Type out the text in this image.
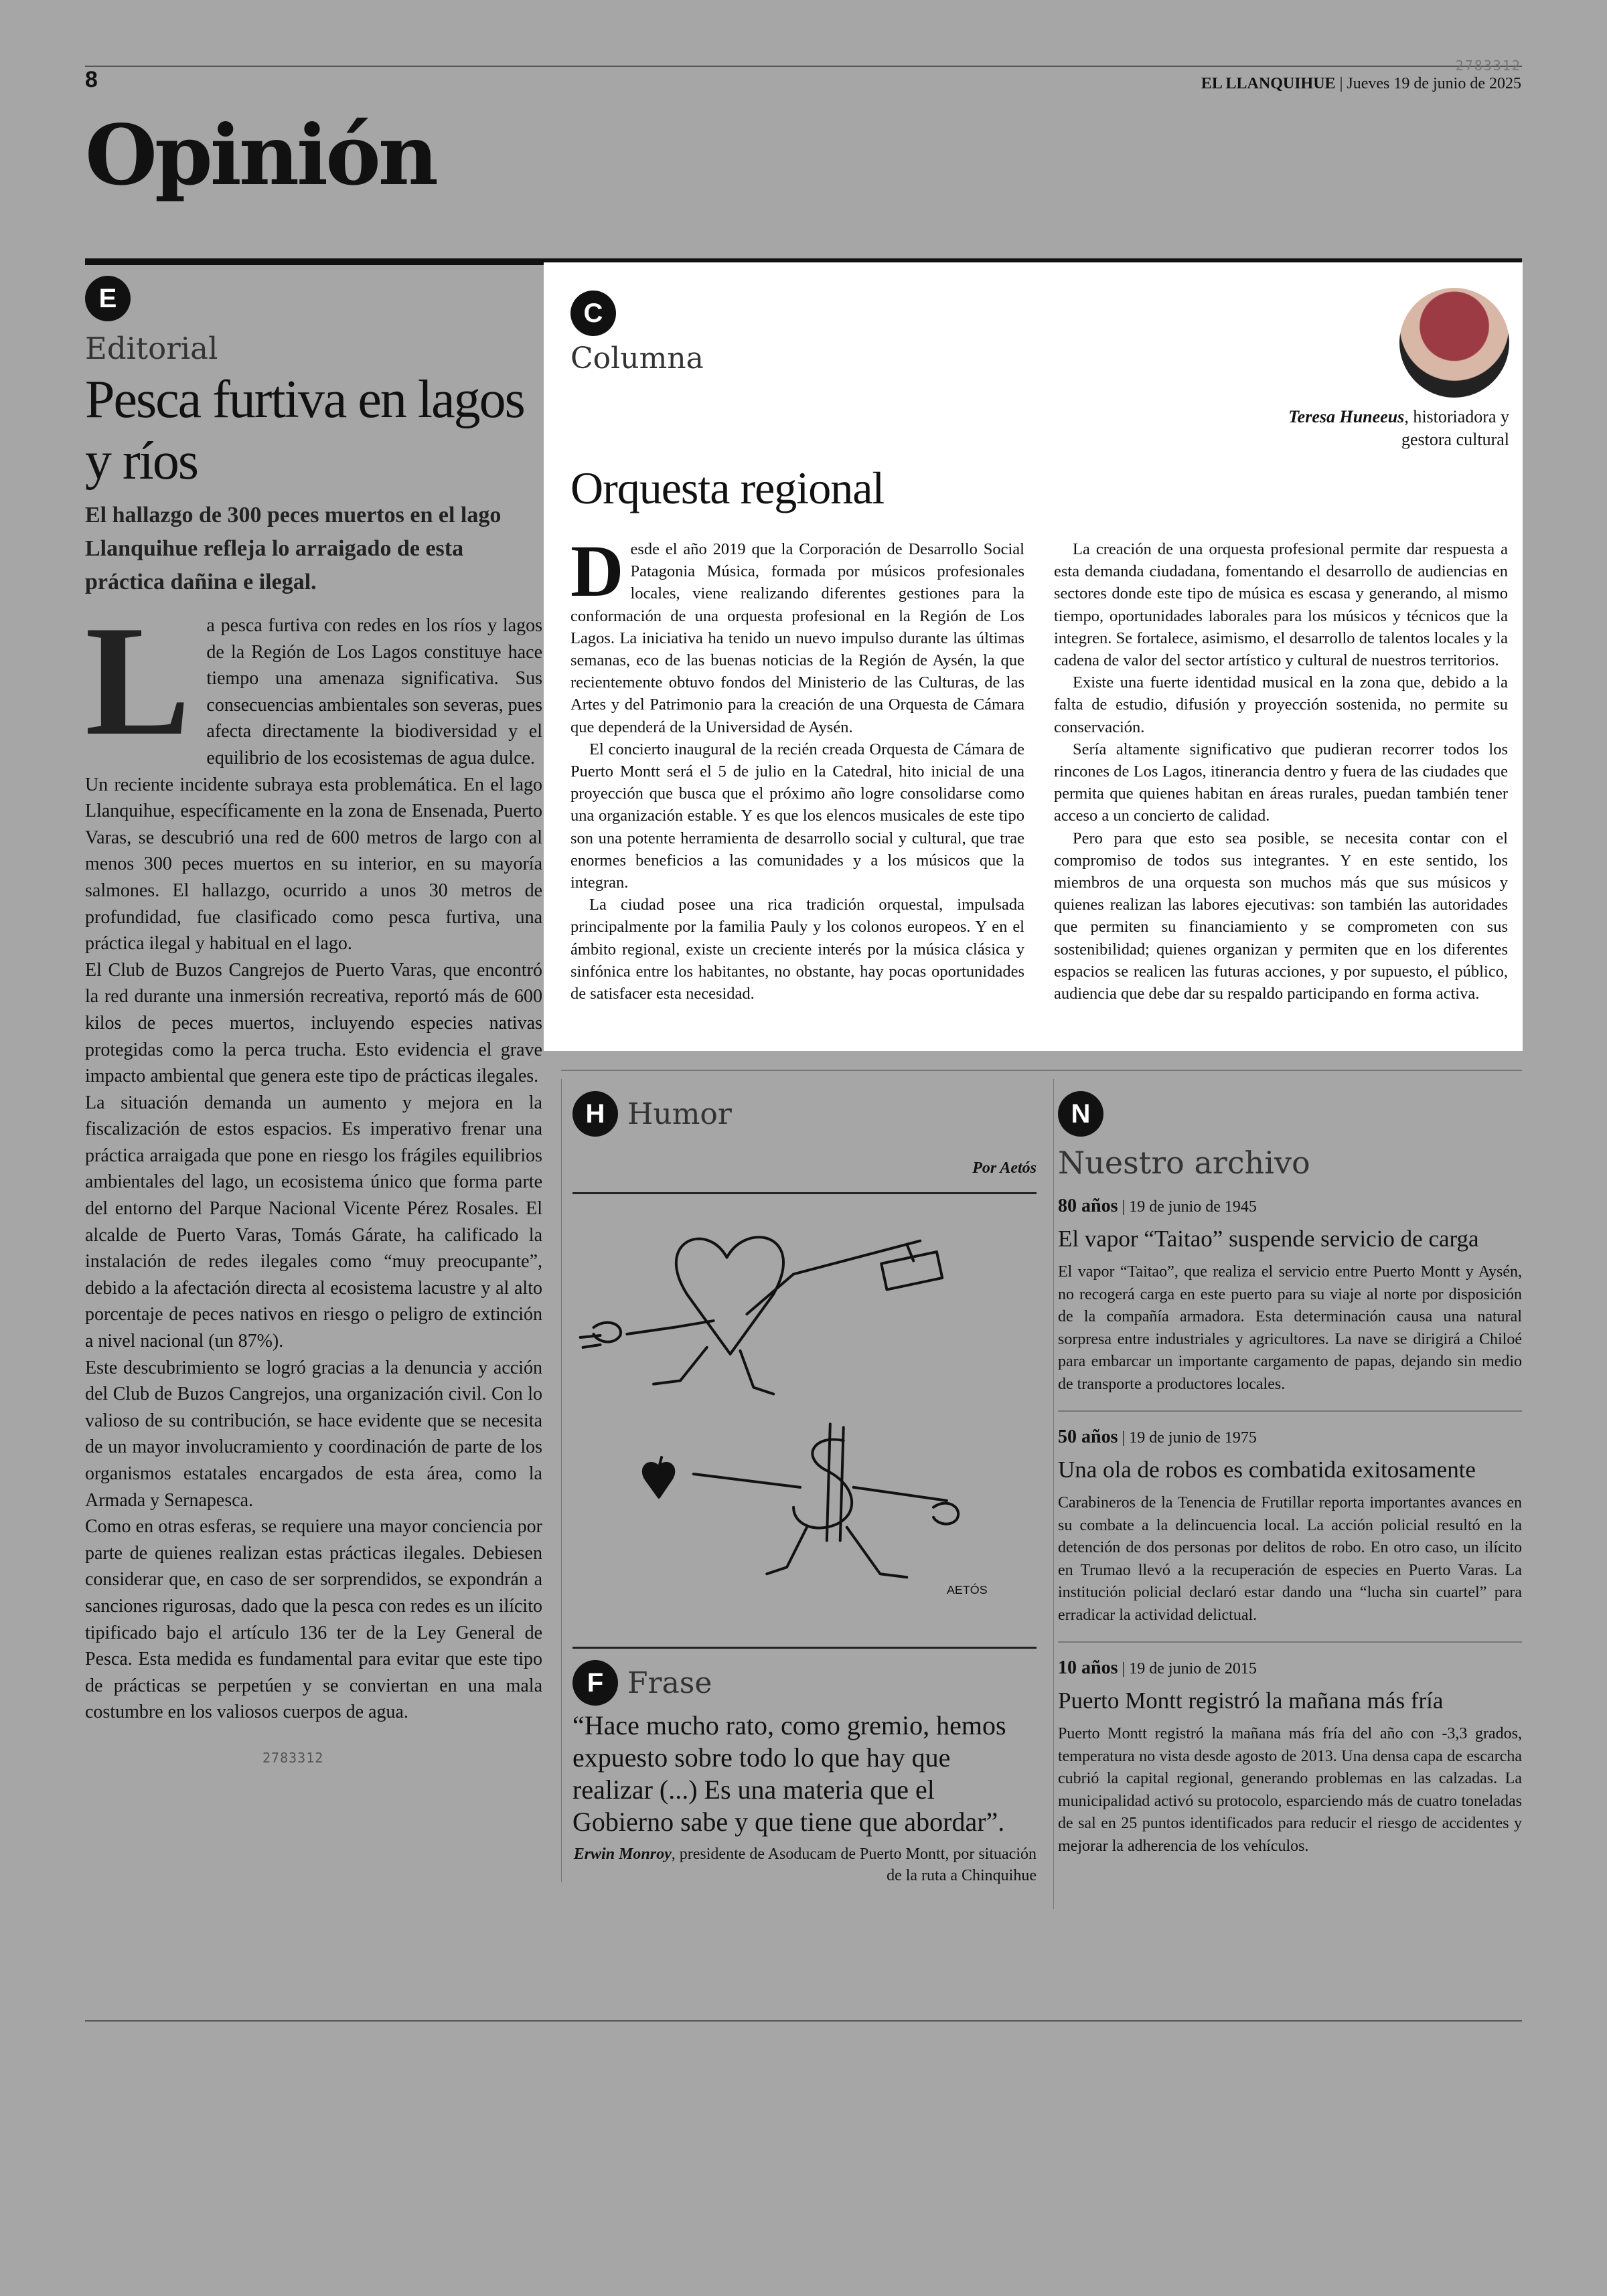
8
2783312
EL LLANQUIHUE | Jueves 19 de junio de 2025
Opinión
E
Editorial
Pesca furtiva en lagos y ríos
El hallazgo de 300 peces muertos en el lago Llanquihue refleja lo arraigado de esta práctica dañina e ilegal.

La pesca furtiva con redes en los ríos y lagos de la Región de Los Lagos constituye hace tiempo una amenaza significativa. Sus consecuencias ambientales son severas, pues afecta directamente la biodiversidad y el equilibrio de los ecosistemas de agua dulce.

Un reciente incidente subraya esta problemática. En el lago Llanquihue, específicamente en la zona de Ensenada, Puerto Varas, se descubrió una red de 600 metros de largo con al menos 300 peces muertos en su interior, en su mayoría salmones. El hallazgo, ocurrido a unos 30 metros de profundidad, fue clasificado como pesca furtiva, una práctica ilegal y habitual en el lago.

El Club de Buzos Cangrejos de Puerto Varas, que encontró la red durante una inmersión recreativa, reportó más de 600 kilos de peces muertos, incluyendo especies nativas protegidas como la perca trucha. Esto evidencia el grave impacto ambiental que genera este tipo de prácticas ilegales.

La situación demanda un aumento y mejora en la fiscalización de estos espacios. Es imperativo frenar una práctica arraigada que pone en riesgo los frágiles equilibrios ambientales del lago, un ecosistema único que forma parte del entorno del Parque Nacional Vicente Pérez Rosales. El alcalde de Puerto Varas, Tomás Gárate, ha calificado la instalación de redes ilegales como “muy preocupante”, debido a la afectación directa al ecosistema lacustre y al alto porcentaje de peces nativos en riesgo o peligro de extinción a nivel nacional (un 87%).

Este descubrimiento se logró gracias a la denuncia y acción del Club de Buzos Cangrejos, una organización civil. Con lo valioso de su contribución, se hace evidente que se necesita de un mayor involucramiento y coordinación de parte de los organismos estatales encargados de esta área, como la Armada y Sernapesca.

Como en otras esferas, se requiere una mayor conciencia por parte de quienes realizan estas prácticas ilegales. Debiesen considerar que, en caso de ser sorprendidos, se expondrán a sanciones rigurosas, dado que la pesca con redes es un ilícito tipificado bajo el artículo 136 ter de la Ley General de Pesca. Esta medida es fundamental para evitar que este tipo de prácticas se perpetúen y se conviertan en una mala costumbre en los valiosos cuerpos de agua.

C
Columna
Teresa Huneeus, historiadora y gestora cultural
Orquesta regional

Desde el año 2019 que la Corporación de Desarrollo Social Patagonia Música, formada por músicos profesionales locales, viene realizando diferentes gestiones para la conformación de una orquesta profesional en la Región de Los Lagos. La iniciativa ha tenido un nuevo impulso durante las últimas semanas, eco de las buenas noticias de la Región de Aysén, la que recientemente obtuvo fondos del Ministerio de las Culturas, de las Artes y del Patrimonio para la creación de una Orquesta de Cámara que dependerá de la Universidad de Aysén.

El concierto inaugural de la recién creada Orquesta de Cámara de Puerto Montt será el 5 de julio en la Catedral, hito inicial de una proyección que busca que el próximo año logre consolidarse como una organización estable. Y es que los elencos musicales de este tipo son una potente herramienta de desarrollo social y cultural, que trae enormes beneficios a las comunidades y a los músicos que la integran.

La ciudad posee una rica tradición orquestal, impulsada principalmente por la familia Pauly y los colonos europeos. Y en el ámbito regional, existe un creciente interés por la música clásica y sinfónica entre los habitantes, no obstante, hay pocas oportunidades de satisfacer esta necesidad.

La creación de una orquesta profesional permite dar respuesta a esta demanda ciudadana, fomentando el desarrollo de audiencias en sectores donde este tipo de música es escasa y generando, al mismo tiempo, oportunidades laborales para los músicos y técnicos que la integren. Se fortalece, asimismo, el desarrollo de talentos locales y la cadena de valor del sector artístico y cultural de nuestros territorios.

Existe una fuerte identidad musical en la zona que, debido a la falta de estudio, difusión y proyección sostenida, no permite su conservación.

Sería altamente significativo que pudieran recorrer todos los rincones de Los Lagos, itinerancia dentro y fuera de las ciudades que permita que quienes habitan en áreas rurales, puedan también tener acceso a un concierto de calidad.

Pero para que esto sea posible, se necesita contar con el compromiso de todos sus integrantes. Y en este sentido, los miembros de una orquesta son muchos más que sus músicos y quienes realizan las labores ejecutivas: son también las autoridades que permiten su financiamiento y se comprometen con sus sostenibilidad; quienes organizan y permiten que en los diferentes espacios se realicen las futuras acciones, y por supuesto, el público, audiencia que debe dar su respaldo participando en forma activa.

H Humor
Por Aetós
AETÓS
F Frase
“Hace mucho rato, como gremio, hemos expuesto sobre todo lo que hay que realizar (...) Es una materia que el Gobierno sabe y que tiene que abordar”.
Erwin Monroy, presidente de Asoducam de Puerto Montt, por situación de la ruta a Chinquihue
N
Nuestro archivo
80 años | 19 de junio de 1945
El vapor “Taitao” suspende servicio de carga
El vapor “Taitao”, que realiza el servicio entre Puerto Montt y Aysén, no recogerá carga en este puerto para su viaje al norte por disposición de la compañía armadora. Esta determinación causa una natural sorpresa entre industriales y agricultores. La nave se dirigirá a Chiloé para embarcar un importante cargamento de papas, dejando sin medio de transporte a productores locales.
50 años | 19 de junio de 1975
Una ola de robos es combatida exitosamente
Carabineros de la Tenencia de Frutillar reporta importantes avances en su combate a la delincuencia local. La acción policial resultó en la detención de dos personas por delitos de robo. En otro caso, un ilícito en Trumao llevó a la recuperación de especies en Puerto Varas. La institución policial declaró estar dando una “lucha sin cuartel” para erradicar la actividad delictual.
10 años | 19 de junio de 2015
Puerto Montt registró la mañana más fría
Puerto Montt registró la mañana más fría del año con -3,3 grados, temperatura no vista desde agosto de 2013. Una densa capa de escarcha cubrió la capital regional, generando problemas en las calzadas. La municipalidad activó su protocolo, esparciendo más de cuatro toneladas de sal en 25 puntos identificados para reducir el riesgo de accidentes y mejorar la adherencia de los vehículos.
2783312
